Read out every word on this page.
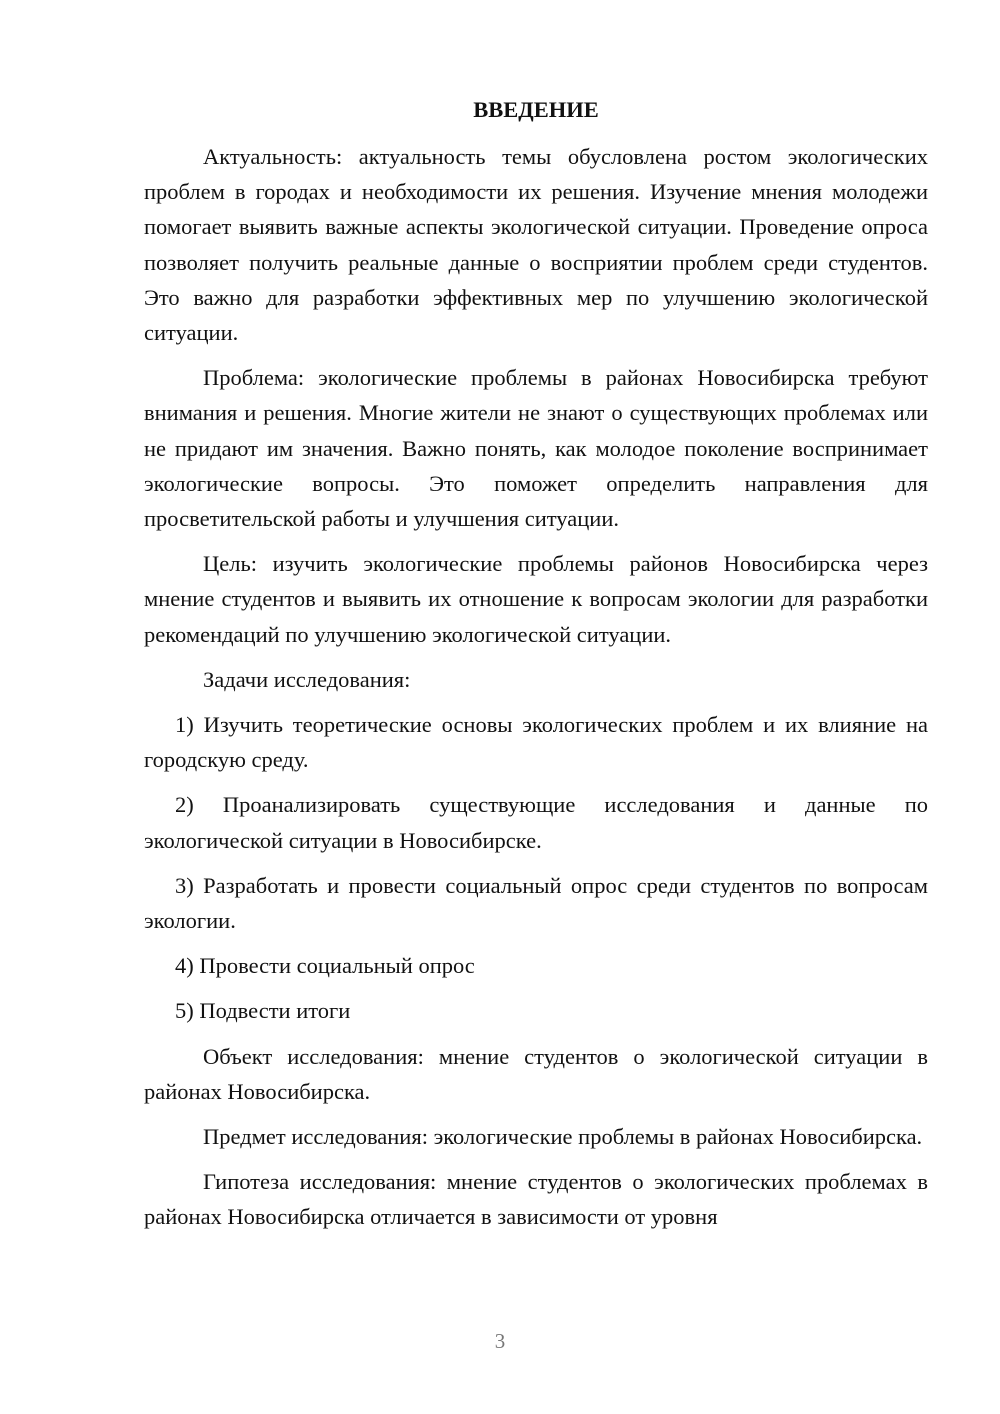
ВВЕДЕНИЕ

Актуальность: актуальность темы обусловлена ростом экологических проблем в городах и необходимости их решения. Изучение мнения молодежи помогает выявить важные аспекты экологической ситуации. Проведение опроса позволяет получить реальные данные о восприятии проблем среди студентов. Это важно для разработки эффективных мер по улучшению экологической ситуации.

Проблема: экологические проблемы в районах Новосибирска требуют внимания и решения. Многие жители не знают о существующих проблемах или не придают им значения. Важно понять, как молодое поколение воспринимает экологические вопросы. Это поможет определить направления для просветительской работы и улучшения ситуации.

Цель: изучить экологические проблемы районов Новосибирска через мнение студентов и выявить их отношение к вопросам экологии для разработки рекомендаций по улучшению экологической ситуации.

Задачи исследования:

1) Изучить теоретические основы экологических проблем и их влияние на городскую среду.

2) Проанализировать существующие исследования и данные по экологической ситуации в Новосибирске.

3) Разработать и провести социальный опрос среди студентов по вопросам экологии.

4) Провести социальный опрос

5) Подвести итоги

Объект исследования: мнение студентов о экологической ситуации в районах Новосибирска.

Предмет исследования: экологические проблемы в районах Новосибирска.

Гипотеза исследования: мнение студентов о экологических проблемах в районах Новосибирска отличается в зависимости от уровня

3
